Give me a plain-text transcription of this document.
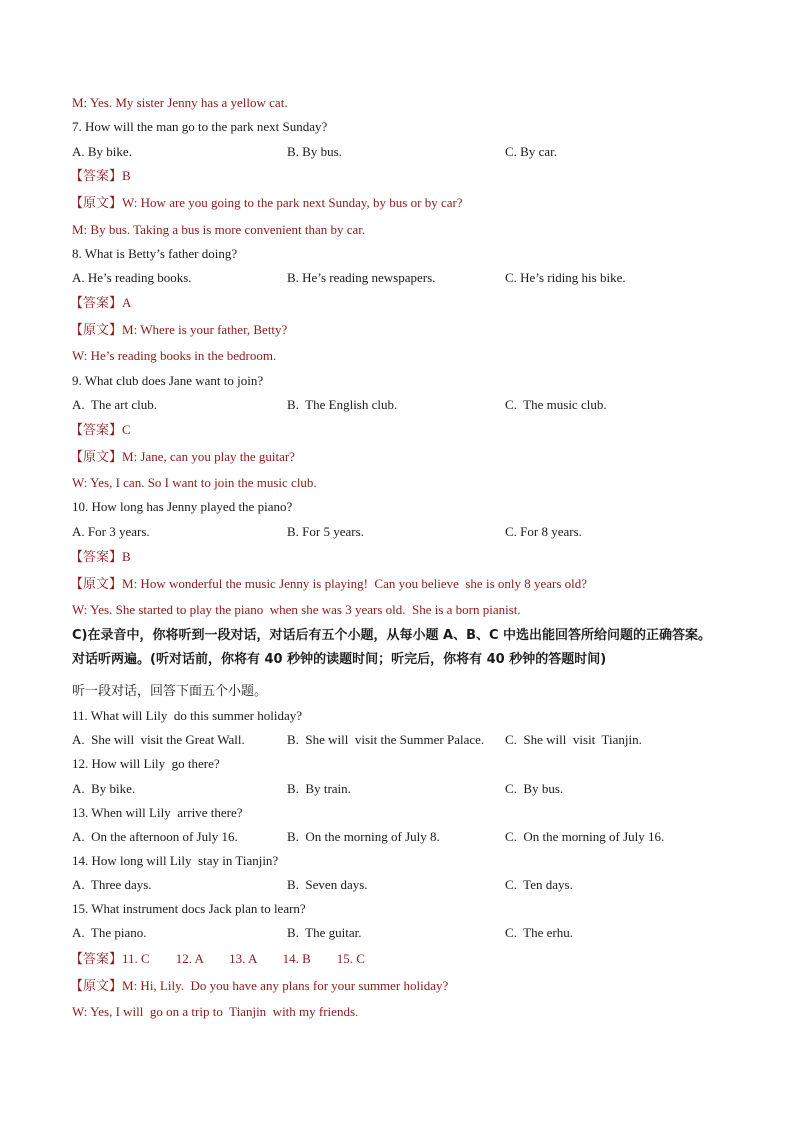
M: Yes. My sister Jenny has a yellow cat.
7. How will the man go to the park next Sunday?
A. By bike.	B. By bus.	C. By car.
【答案】B
【原文】W: How are you going to the park next Sunday, by bus or by car?
M: By bus. Taking a bus is more convenient than by car.
8. What is Betty’s father doing?
A. He’s reading books.	B. He’s reading newspapers.	C. He’s riding his bike.
【答案】A
【原文】M: Where is your father, Betty?
W: He’s reading books in the bedroom.
9. What club does Jane want to join?
A.  The art club.	B.  The English club.	C.  The music club.
【答案】C
【原文】M: Jane, can you play the guitar?
W: Yes, I can. So I want to join the music club.
10. How long has Jenny played the piano?
A. For 3 years.	B. For 5 years.	C. For 8 years.
【答案】B
【原文】M: How wonderful the music Jenny is playing!  Can you believe  she is only 8 years old?
W: Yes. She started to play the piano  when she was 3 years old.  She is a born pianist.
C)在录音中，你将听到一段对话，对话后有五个小题，从每小题 A、B、C 中选出能回答所给问题的正确答案。对话听两遍。(听对话前，你将有 40 秒钟的读题时间；听完后，你将有 40 秒钟的答题时间)
听一段对话，回答下面五个小题。
11. What will Lily  do this summer holiday?
A.  She will  visit the Great Wall.	B.  She will  visit the Summer Palace. C.  She will  visit  Tianjin.
12. How will Lily  go there?
A.  By bike.	B.  By train.	C.  By bus.
13. When will Lily  arrive there?
A.  On the afternoon of July 16.	B.  On the morning of July 8.	C.  On the morning of July 16.
14. How long will Lily  stay in Tianjin?
A.  Three days.	B.  Seven days.	C.  Ten days.
15. What instrument docs Jack plan to learn?
A.  The piano.	B.  The guitar.	C.  The erhu.
【答案】11. C        12. A        13. A        14. B        15. C
【原文】M: Hi, Lily.  Do you have any plans for your summer holiday?
W: Yes, I will  go on a trip to  Tianjin  with my friends.
